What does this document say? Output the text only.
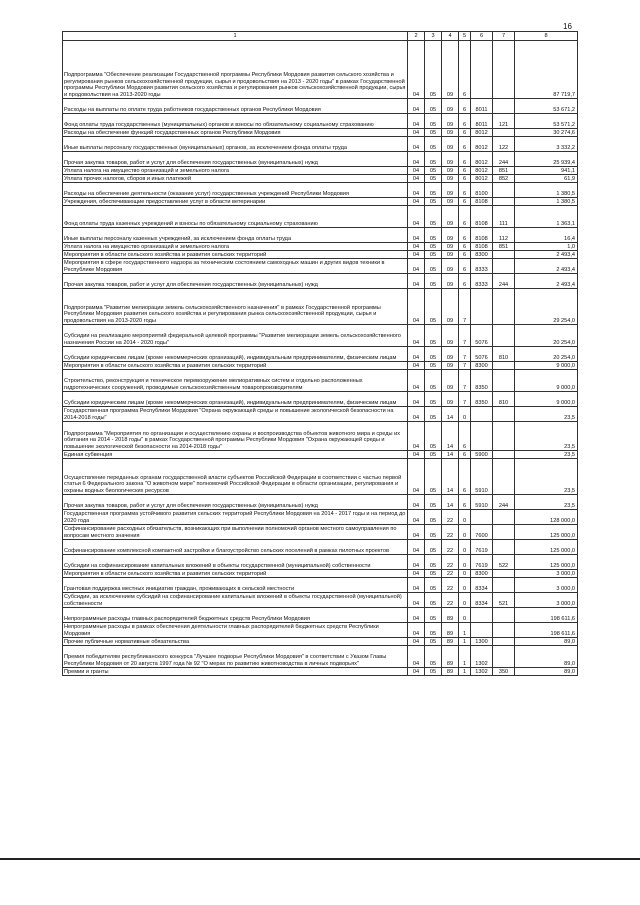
16
1	2	3	4	5	6	7	8
Подпрограмма "Обеспечение реализации Государственной программы Республики Мордовия развития сельского хозяйства и регулирования рынков сельскохозяйственной продукции, сырья и продовольствия на 2013 - 2020 годы" в рамках Государственной программы Республики Мордовия развития сельского хозяйства и регулирования рынков сельскохозяйственной продукции, сырья и продовольствия на 2013-2020 годы	04	05	09	6			87 719,7
Расходы на выплаты по оплате труда работников государственных органов Республики Мордовия	04	05	09	6	8011		53 671,2
Фонд оплаты труда государственных (муниципальных) органов и взносы по обязательному социальному страхованию	04	05	09	6	8011	121	53 571,2
Расходы на обеспечение функций государственных органов Республики Мордовия	04	05	09	6	8012		30 274,6
Иные выплаты персоналу государственных (муниципальных) органов, за исключением фонда оплаты труда	04	05	09	6	8012	122	3 332,2
Прочая закупка товаров, работ и услуг для обеспечения государственных (муниципальных) нужд	04	05	09	6	8012	244	25 939,4
Уплата налога на имущество организаций и земельного налога	04	05	09	6	8012	851	941,1
Уплата прочих налогов, сборов и иных платежей	04	05	09	6	8012	852	61,9
Расходы на обеспечение деятельности (оказание услуг) государственных учреждений Республики Мордовия	04	05	09	6	8100		1 380,5
Учреждения, обеспечивающие предоставление услуг в области ветеринарии	04	05	09	6	8108		1 380,5
Фонд оплаты труда казенных учреждений и взносы по обязательному социальному страхованию	04	05	09	6	8108	111	1 363,1
Иные выплаты персоналу казенных учреждений, за исключением фонда оплаты труда	04	05	09	6	8108	112	16,4
Уплата налога на имущество организаций и земельного налога	04	05	09	6	8108	851	1,0
Мероприятия в области сельского хозяйства и развития сельских территорий	04	05	09	6	8300		2 493,4
Мероприятия в сфере государственного надзора за техническим состоянием самоходных машин и других видов техники в Республике Мордовия	04	05	09	6	8333		2 493,4
Прочая закупка товаров, работ и услуг для обеспечения государственных (муниципальных) нужд	04	05	09	6	8333	244	2 493,4
Подпрограмма "Развитие мелиорации земель сельскохозяйственного назначения" в рамках Государственной программы Республики Мордовия развития сельского хозяйства и регулирования рынка сельскохозяйственной продукции, сырья и продовольствия на 2013-2020 годы	04	05	09	7			29 254,0
Субсидии на реализацию мероприятий федеральной целевой программы "Развитие мелиорации земель сельскохозяйственного назначения России на 2014 - 2020 годы"	04	05	09	7	5076		20 254,0
Субсидии юридическим лицам (кроме некоммерческих организаций), индивидуальным предпринимателям, физическим лицам	04	05	09	7	5076	810	20 254,0
Мероприятия в области сельского хозяйства и развития сельских территорий	04	05	09	7	8300		9 000,0
Строительство, реконструкция и техническое перевооружение мелиоративных систем и отдельно расположенных гидротехнических сооружений, проводимые сельскохозяйственным товаропроизводителям	04	05	09	7	8350		9 000,0
Субсидии юридическим лицам (кроме некоммерческих организаций), индивидуальным предпринимателям, физическим лицам	04	05	09	7	8350	810	9 000,0
Государственная программа Республики Мордовия "Охрана окружающей среды и повышение экологической безопасности на 2014-2018 годы"	04	05	14	0			23,5
Подпрограмма "Мероприятия по организации и осуществлению охраны и воспроизводства объектов животного мира и среды их обитания на 2014 - 2018 годы" в рамках Государственной программы Республики Мордовия "Охрана окружающей среды и повышение экологической безопасности на 2014-2018 годы"	04	05	14	6			23,5
Единая субвенция	04	05	14	6	5900		23,5
Осуществление переданных органам государственной власти субъектов Российской Федерации в соответствии с частью первой статьи 6 Федерального закона "О животном мире" полномочий Российской Федерации в области организации, регулирования и охраны водных биологических ресурсов	04	05	14	6	5910		23,5
Прочая закупка товаров, работ и услуг для обеспечения государственных (муниципальных) нужд	04	05	14	6	5910	244	23,5
Государственная программа устойчивого развития сельских территорий Республики Мордовия на 2014 - 2017 годы и на период до 2020 года	04	05	22	0			128 000,0
Софинансирование расходных обязательств, возникающих при выполнении полномочий органов местного самоуправления по вопросам местного значения	04	05	22	0	7600		125 000,0
Софинансирование комплексной компактной застройки и благоустройство сельских поселений в рамках пилотных проектов	04	05	22	0	7619		125 000,0
Субсидии на софинансирование капитальных вложений в объекты государственной (муниципальной) собственности	04	05	22	0	7619	522	125 000,0
Мероприятия в области сельского хозяйства и развития сельских территорий	04	05	22	0	8300		3 000,0
Грантовая поддержка местных инициатив граждан, проживающих в сельской местности	04	05	22	0	8334		3 000,0
Субсидии, за исключением субсидий на софинансирование капитальных вложений в объекты государственной (муниципальной) собственности	04	05	22	0	8334	521	3 000,0
Непрограммные расходы главных распорядителей бюджетных средств Республики Мордовия	04	05	89	0			198 611,6
Непрограммные расходы в рамках обеспечения деятельности главных распорядителей бюджетных средств Республики Мордовия	04	05	89	1			198 611,6
Прочие публичные нормативные обязательства	04	05	89	1	1300		89,0
Премия победителям республиканского конкурса "Лучшее подворье Республики Мордовия" в соответствии с Указом Главы Республики Мордовия от 20 августа 1997 года № 92 "О мерах по развитию животноводства в личных подворьях"	04	05	89	1	1302		89,0
Премии и гранты	04	05	89	1	1302	350	89,0
